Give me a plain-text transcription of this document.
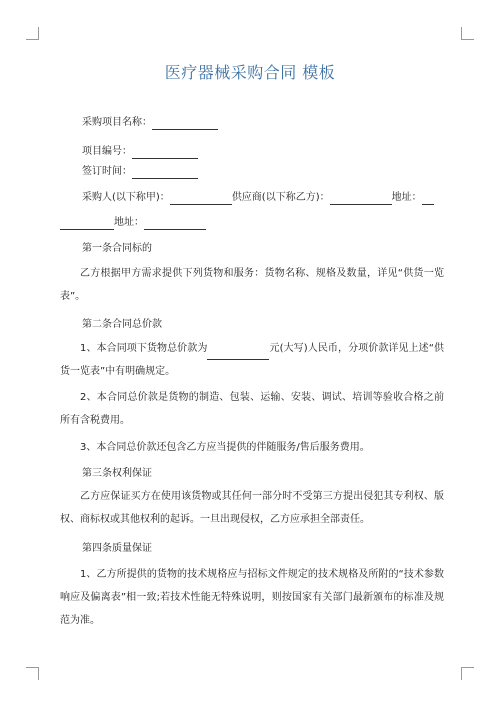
医疗器械采购合同 模板
采购项目名称：
项目编号：
签订时间：
采购人(以下称甲)：	供应商(以下称乙方)：	地址：
地址：
第一条合同标的
乙方根据甲方需求提供下列货物和服务：货物名称、规格及数量，详见“供货一览表”。
第二条合同总价款
1、本合同项下货物总价款为	元(大写)人民币，分项价款详见上述“供货一览表”中有明确规定。
2、本合同总价款是货物的制造、包装、运输、安装、调试、培训等验收合格之前所有含税费用。
3、本合同总价款还包含乙方应当提供的伴随服务/售后服务费用。
第三条权利保证
乙方应保证买方在使用该货物或其任何一部分时不受第三方提出侵犯其专利权、版权、商标权或其他权利的起诉。一旦出现侵权，乙方应承担全部责任。
第四条质量保证
1、乙方所提供的货物的技术规格应与招标文件规定的技术规格及所附的“技术参数响应及偏离表”相一致;若技术性能无特殊说明，则按国家有关部门最新颁布的标准及规范为准。
